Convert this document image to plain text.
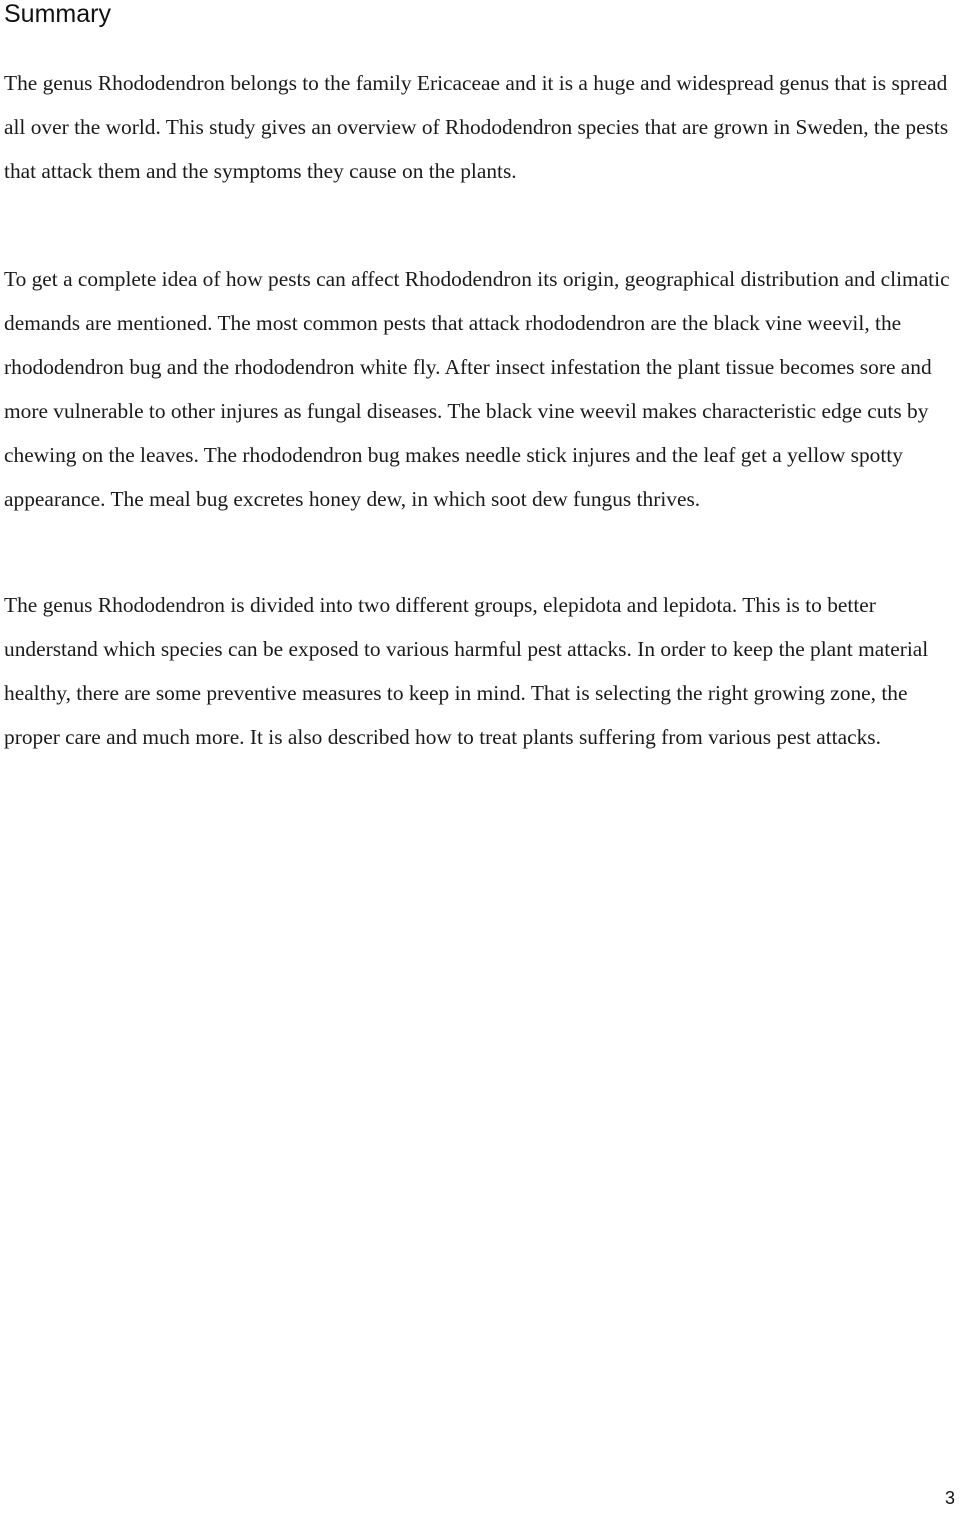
Summary

The genus Rhododendron belongs to the family Ericaceae and it is a huge and widespread genus that is spread all over the world. This study gives an overview of Rhododendron species that are grown in Sweden, the pests that attack them and the symptoms they cause on the plants.

To get a complete idea of how pests can affect Rhododendron its origin, geographical distribution and climatic demands are mentioned. The most common pests that attack rhododendron are the black vine weevil, the rhododendron bug and the rhododendron white fly. After insect infestation the plant tissue becomes sore and more vulnerable to other injures as fungal diseases. The black vine weevil makes characteristic edge cuts by chewing on the leaves. The rhododendron bug makes needle stick injures and the leaf get a yellow spotty appearance. The meal bug excretes honey dew, in which soot dew fungus thrives.

The genus Rhododendron is divided into two different groups, elepidota and lepidota. This is to better understand which species can be exposed to various harmful pest attacks. In order to keep the plant material healthy, there are some preventive measures to keep in mind. That is selecting the right growing zone, the proper care and much more. It is also described how to treat plants suffering from various pest attacks.

3
